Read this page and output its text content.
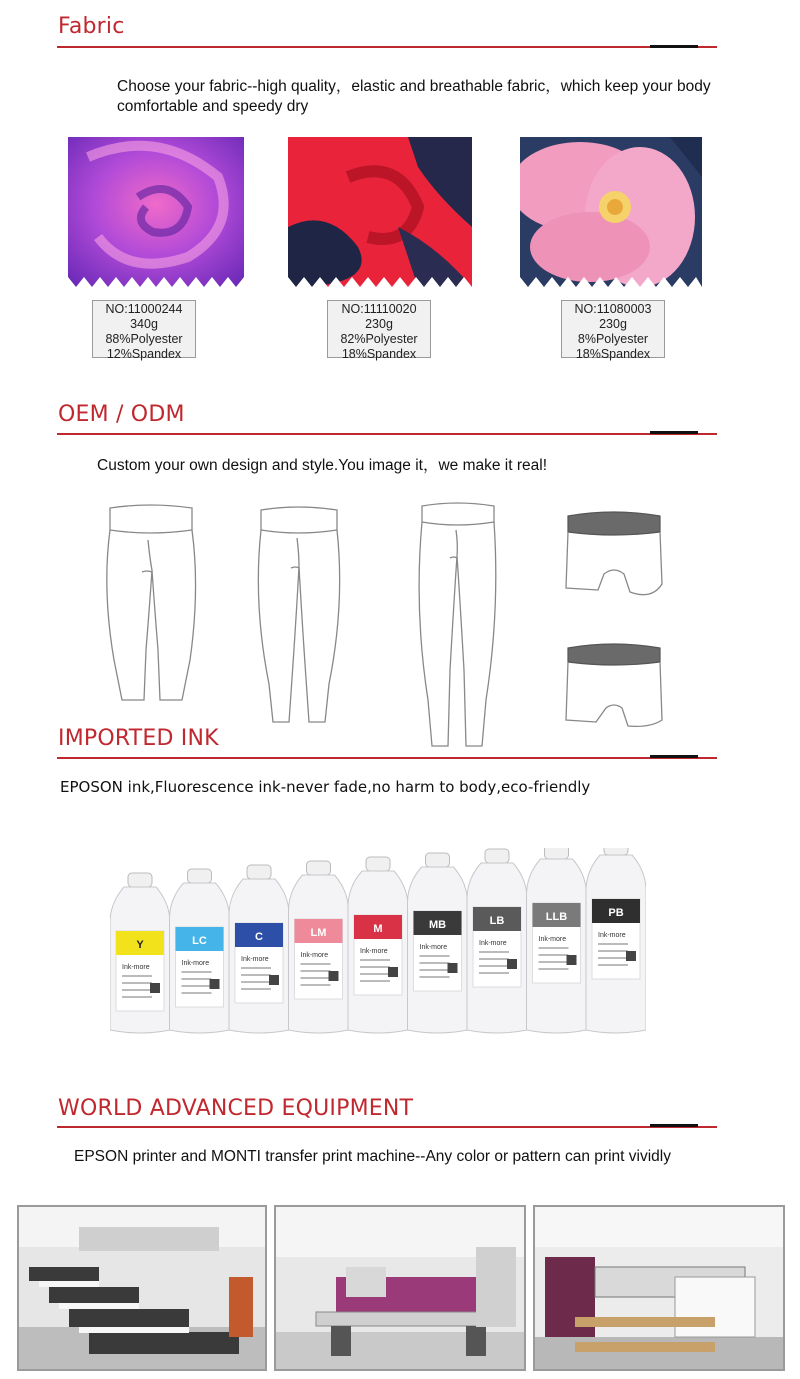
Fabric
Choose your fabric--high quality，elastic and breathable fabric，which keep your body comfortable and speedy dry
NO:11000244
340g
88%Polyester
12%Spandex
NO:11110020
230g
82%Polyester
18%Spandex
NO:11080003
230g
8%Polyester
18%Spandex
OEM / ODM
Custom your own design and style.You image it，we make it real!
IMPORTED INK
EPOSON ink,Fluorescence ink-never fade,no harm to body,eco-friendly
Y
Ink-more
LC
Ink-more
C
Ink-more
LM
Ink-more
M
Ink-more
MB
Ink-more
LB
Ink-more
LLB
Ink-more
PB
Ink-more
WORLD ADVANCED EQUIPMENT
EPSON printer and MONTI transfer print machine--Any color or pattern can print vividly
